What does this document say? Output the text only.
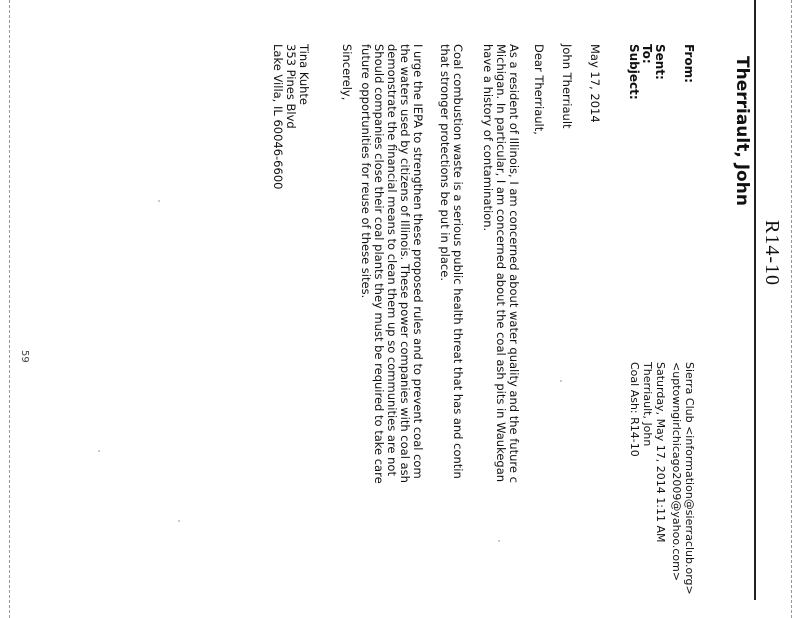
R14-10
Therriault, John
From:
Sierra Club <information@sierraclub.org>
<uptowngirlchicago2009@yahoo.com>
Sent:
Saturday, May 17, 2014 1:11 AM
To:
Therriault, John
Subject:
Coal Ash: R14-10
May 17, 2014
John Therriault
Dear Therriault,
As a resident of Illinois, I am concerned about water quality and the future c
Michigan. In particular, I am concerned about the coal ash pits in Waukegan
have a history of contamination.
Coal combustion waste is a serious public health threat that has and contin
that stronger protections be put in place.
I urge the IEPA to strengthen these proposed rules and to prevent coal com
the waters used by citizens of Illinois. These power companies with coal ash
demonstrate the financial means to clean them up so communities are not
Should companies close their coal plants they must be required to take care
future opportunities for reuse of these sites.
Sincerely,
Tina Kuhte
353 Pines Blvd
Lake Villa, IL 60046-6600
59
